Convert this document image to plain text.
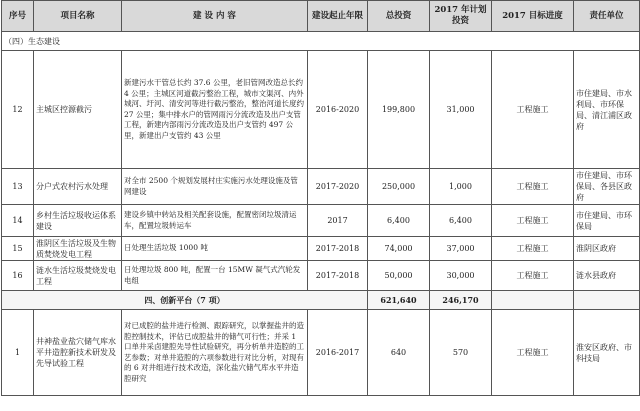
序号	项目名称	建 设 内 容	建设起止年限	总投资	2017 年计划投资	2017 目标进度	责任单位
（四）生态建设							
12	主城区控源截污	新建污水干管总长约 37.6 公里，老旧管网改造总长约 4 公里；主城区河道截污整治工程，城市文渠河、内外城河、圩河、清安河等进行截污整治，整治河道长度约 27 公里；集中排水户的管网雨污分流改造及出户支管工程，新建内部雨污分流改造及出户支管约 497 公里，新建出户支管约 43 公里	2016-2020	199,800	31,000	工程施工	市住建局、市水利局、市环保局、清江浦区政府
13	分户式农村污水处理	对全市 2500 个规划发展村庄实施污水处理设施及管网建设	2017-2020	250,000	1,000	工程施工	市住建局、市环保局、各县区政府
14	乡村生活垃圾收运体系建设	建设乡镇中转站及相关配套设施，配置密闭垃圾清运车，配置垃圾转运车	2017	6,400	6,400	工程施工	市住建局、市环保局
15	淮阴区生活垃圾及生物质焚烧发电工程	日处理生活垃圾 1000 吨	2017-2018	74,000	37,000	工程施工	淮阴区政府
16	涟水生活垃圾焚烧发电工程	日处理垃圾 800 吨，配置一台 15MW 凝气式汽轮发电组	2017-2018	50,000	30,000	工程施工	涟水县政府
四、创新平台（7 项）				621,640	246,170		
1	井神盐业盐穴储气库水平井造腔新技术研发及先导试验工程	对已成腔的盐井进行检测、跟踪研究，以掌握盐井的造腔控制技术，评估已成腔盐井的储气可行性；并采 1 口单井采卤建腔先导性试验研究，再分析单井造腔的工艺参数；对单井造腔的六项参数进行对比分析，对现有的 6 对井组进行技术改造，深化盐穴储气库水平井造腔研究	2016-2017	640	570	工程施工	淮安区政府、市科技局
